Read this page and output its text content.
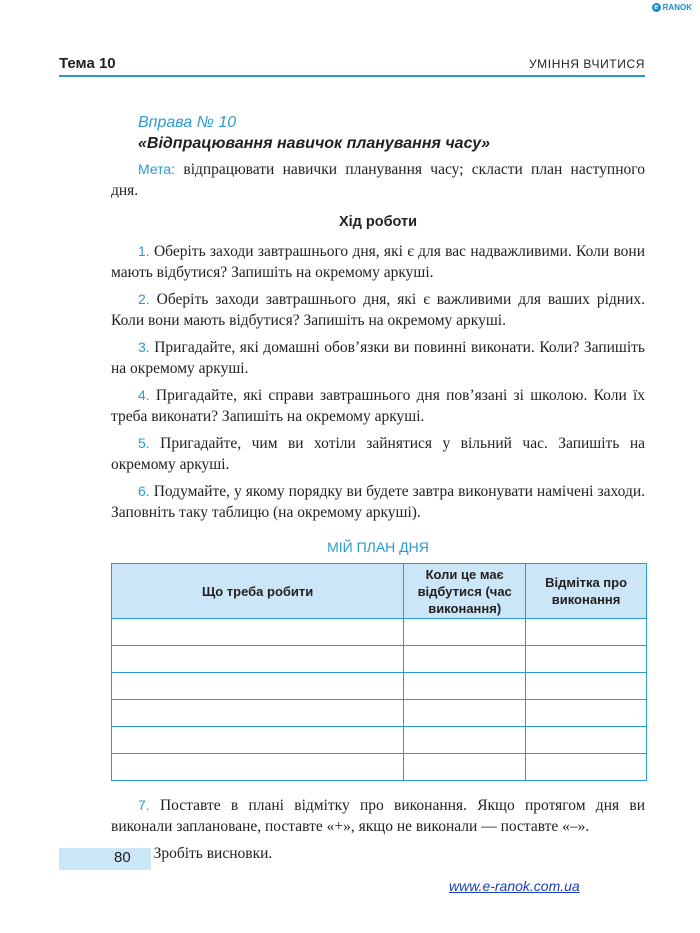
e RANOK
Тема 10	УМІННЯ ВЧИТИСЯ

Вправа № 10

«Відпрацювання навичок планування часу»

Мета: відпрацювати навички планування часу; скласти план наступного дня.

Хід роботи

1. Оберіть заходи завтрашнього дня, які є для вас надважливими. Коли вони мають відбутися? Запишіть на окремому аркуші.

2. Оберіть заходи завтрашнього дня, які є важливими для ваших рідних. Коли вони мають відбутися? Запишіть на окремому аркуші.

3. Пригадайте, які домашні обов’язки ви повинні виконати. Коли? Запишіть на окремому аркуші.

4. Пригадайте, які справи завтрашнього дня пов’язані зі школою. Коли їх треба виконати? Запишіть на окремому аркуші.

5. Пригадайте, чим ви хотіли зайнятися у вільний час. Запишіть на окремому аркуші.

6. Подумайте, у якому порядку ви будете завтра виконувати намічені заходи. Заповніть таку таблицю (на окремому аркуші).

МІЙ ПЛАН ДНЯ

Що треба робити	Коли це має відбутися (час виконання)	Відмітка про виконання

7. Поставте в плані відмітку про виконання. Якщо протягом дня ви виконали заплановане, поставте «+», якщо не виконали — поставте «–».

Зробіть висновки.

80
www.e-ranok.com.ua
